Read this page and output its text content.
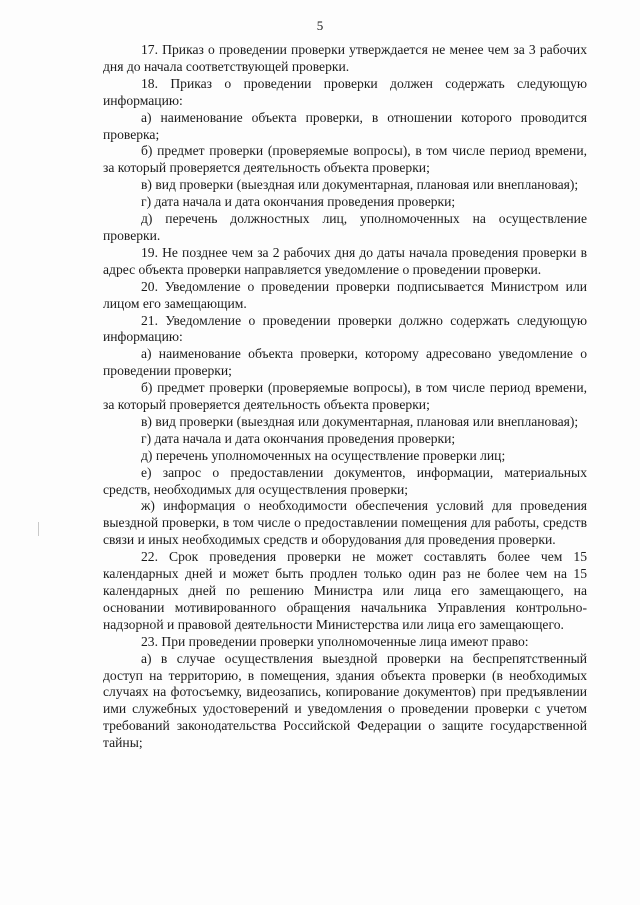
5

17. Приказ о проведении проверки утверждается не менее чем за 3 рабочих дня до начала соответствующей проверки.

18. Приказ о проведении проверки должен содержать следующую информацию:

а) наименование объекта проверки, в отношении которого проводится проверка;

б) предмет проверки (проверяемые вопросы), в том числе период времени, за который проверяется деятельность объекта проверки;

в) вид проверки (выездная или документарная, плановая или внеплановая);

г) дата начала и дата окончания проведения проверки;

д) перечень должностных лиц, уполномоченных на осуществление проверки.

19. Не позднее чем за 2 рабочих дня до даты начала проведения проверки в адрес объекта проверки направляется уведомление о проведении проверки.

20. Уведомление о проведении проверки подписывается Министром или лицом его замещающим.

21. Уведомление о проведении проверки должно содержать следующую информацию:

а) наименование объекта проверки, которому адресовано уведомление о проведении проверки;

б) предмет проверки (проверяемые вопросы), в том числе период времени, за который проверяется деятельность объекта проверки;

в) вид проверки (выездная или документарная, плановая или внеплановая);

г) дата начала и дата окончания проведения проверки;

д) перечень уполномоченных на осуществление проверки лиц;

е) запрос о предоставлении документов, информации, материальных средств, необходимых для осуществления проверки;

ж) информация о необходимости обеспечения условий для проведения выездной проверки, в том числе о предоставлении помещения для работы, средств связи и иных необходимых средств и оборудования для проведения проверки.

22. Срок проведения проверки не может составлять более чем 15 календарных дней и может быть продлен только один раз не более чем на 15 календарных дней по решению Министра или лица его замещающего, на основании мотивированного обращения начальника Управления контрольно-надзорной и правовой деятельности Министерства или лица его замещающего.

23. При проведении проверки уполномоченные лица имеют право:

а) в случае осуществления выездной проверки на беспрепятственный доступ на территорию, в помещения, здания объекта проверки (в необходимых случаях на фотосъемку, видеозапись, копирование документов) при предъявлении ими служебных удостоверений и уведомления о проведении проверки с учетом требований законодательства Российской Федерации о защите государственной тайны;
